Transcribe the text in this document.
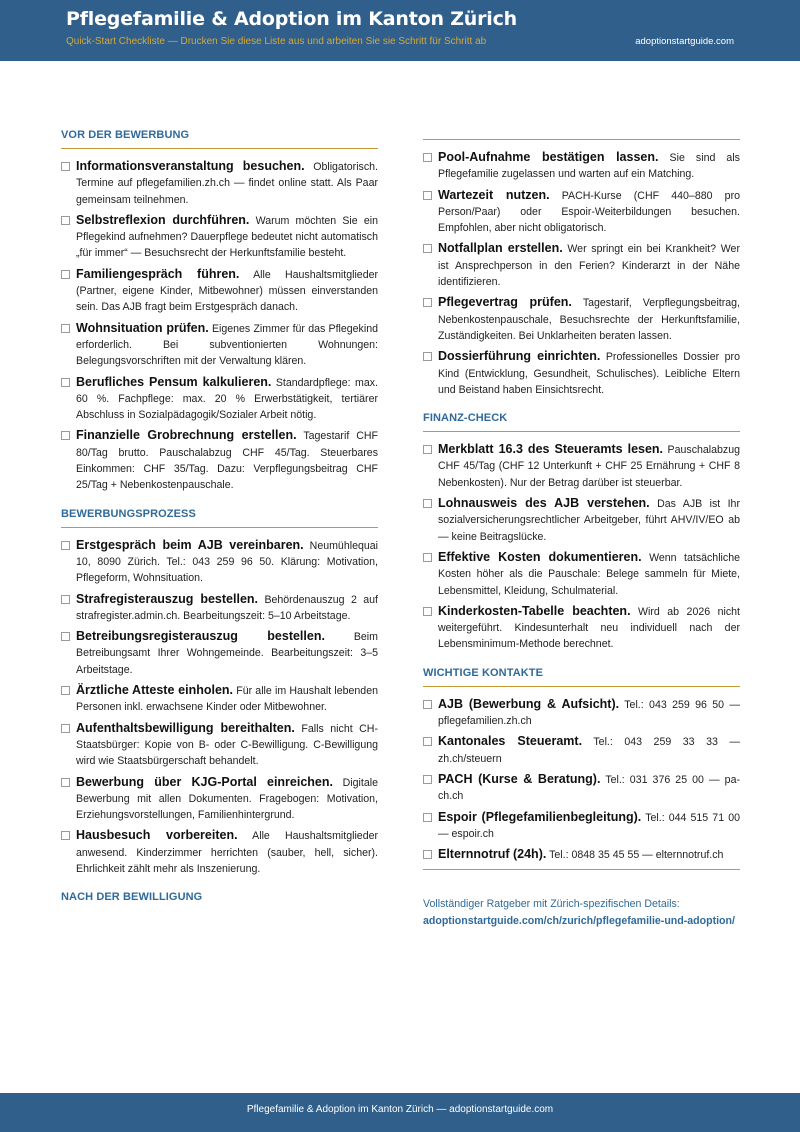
Pflegefamilie & Adoption im Kanton Zürich
Quick-Start Checkliste — Drucken Sie diese Liste aus und arbeiten Sie sie Schritt für Schritt ab	adoptionstartguide.com
VOR DER BEWERBUNG
Informationsveranstaltung besuchen. Obligatorisch. Termine auf pflegefamilien.zh.ch — findet online statt. Als Paar gemeinsam teilnehmen.
Selbstreflexion durchführen. Warum möchten Sie ein Pflegekind aufnehmen? Dauerpflege bedeutet nicht automatisch „für immer“ — Besuchsrecht der Herkunftsfamilie besteht.
Familiengespräch führen. Alle Haushaltsmitglieder (Partner, eigene Kinder, Mitbewohner) müssen einverstanden sein. Das AJB fragt beim Erstgespräch danach.
Wohnsituation prüfen. Eigenes Zimmer für das Pflegekind erforderlich. Bei subventionierten Wohnungen: Belegungsvorschriften mit der Verwaltung klären.
Berufliches Pensum kalkulieren. Standardpflege: max. 60 %. Fachpflege: max. 20 % Erwerbstätigkeit, tertiärer Abschluss in Sozialpädagogik/Sozialer Arbeit nötig.
Finanzielle Grobrechnung erstellen. Tagestarif CHF 80/Tag brutto. Pauschalabzug CHF 45/Tag. Steuerbares Einkommen: CHF 35/Tag. Dazu: Verpflegungsbeitrag CHF 25/Tag + Nebenkostenpauschale.
BEWERBUNGSPROZESS
Erstgespräch beim AJB vereinbaren. Neumühlequai 10, 8090 Zürich. Tel.: 043 259 96 50. Klärung: Motivation, Pflegeform, Wohnsituation.
Strafregisterauszug bestellen. Behördenauszug 2 auf strafregister.admin.ch. Bearbeitungszeit: 5–10 Arbeitstage.
Betreibungsregisterauszug bestellen.	Beim Betreibungsamt Ihrer Wohngemeinde. Bearbeitungszeit: 3–5 Arbeitstage.
Ärztliche Atteste einholen. Für alle im Haushalt lebenden Personen inkl. erwachsene Kinder oder Mitbewohner.
Aufenthaltsbewilligung bereithalten. Falls nicht CH-Staatsbürger: Kopie von B- oder C-Bewilligung. C-Bewilligung wird wie Staatsbürgerschaft behandelt.
Bewerbung über KJG-Portal einreichen. Digitale Bewerbung mit allen Dokumenten. Fragebogen: Motivation, Erziehungsvorstellungen, Familienhintergrund.
Hausbesuch vorbereiten. Alle Haushaltsmitglieder anwesend. Kinderzimmer herrichten (sauber, hell, sicher). Ehrlichkeit zählt mehr als Inszenierung.
NACH DER BEWILLIGUNG
Pool-Aufnahme bestätigen lassen. Sie sind als Pflegefamilie zugelassen und warten auf ein Matching.
Wartezeit nutzen. PACH-Kurse (CHF 440–880 pro Person/Paar) oder Espoir-Weiterbildungen besuchen. Empfohlen, aber nicht obligatorisch.
Notfallplan erstellen. Wer springt ein bei Krankheit? Wer ist Ansprechperson in den Ferien? Kinderarzt in der Nähe identifizieren.
Pflegevertrag prüfen. Tagestarif, Verpflegungsbeitrag, Nebenkostenpauschale, Besuchsrechte der Herkunftsfamilie, Zuständigkeiten. Bei Unklarheiten beraten lassen.
Dossierführung einrichten. Professionelles Dossier pro Kind (Entwicklung, Gesundheit, Schulisches). Leibliche Eltern und Beistand haben Einsichtsrecht.
FINANZ-CHECK
Merkblatt 16.3 des Steueramts lesen. Pauschalabzug CHF 45/Tag (CHF 12 Unterkunft + CHF 25 Ernährung + CHF 8 Nebenkosten). Nur der Betrag darüber ist steuerbar.
Lohnausweis des AJB verstehen. Das AJB ist Ihr sozialversicherungsrechtlicher Arbeitgeber, führt AHV/IV/EO ab — keine Beitragslücke.
Effektive Kosten dokumentieren. Wenn tatsächliche Kosten höher als die Pauschale: Belege sammeln für Miete, Lebensmittel, Kleidung, Schulmaterial.
Kinderkosten-Tabelle beachten. Wird ab 2026 nicht weitergeführt. Kindesunterhalt neu individuell nach der Lebensminimum-Methode berechnet.
WICHTIGE KONTAKTE
AJB (Bewerbung & Aufsicht). Tel.: 043 259 96 50 — pflegefamilien.zh.ch
Kantonales Steueramt. Tel.: 043 259 33 33 — zh.ch/steuern
PACH (Kurse & Beratung). Tel.: 031 376 25 00 — pa-ch.ch
Espoir (Pflegefamilienbegleitung). Tel.: 044 515 71 00 — espoir.ch
Elternnotruf (24h). Tel.: 0848 35 45 55 — elternnotruf.ch
Vollständiger Ratgeber mit Zürich-spezifischen Details:
adoptionstartguide.com/ch/zurich/pflegefamilie-und-adoption/
Pflegefamilie & Adoption im Kanton Zürich — adoptionstartguide.com
